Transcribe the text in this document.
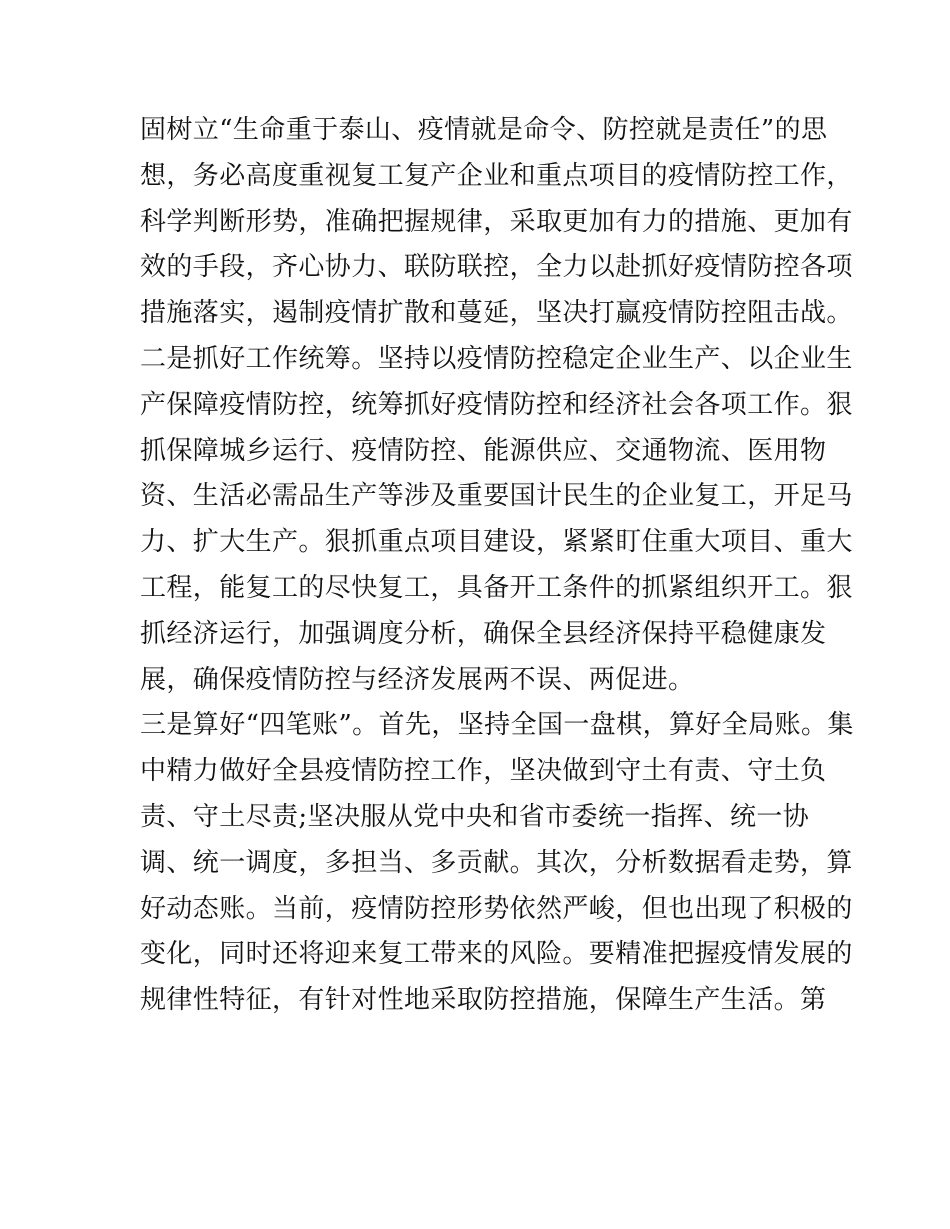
固树立“生命重于泰山、疫情就是命令、防控就是责任”的思
想，务必高度重视复工复产企业和重点项目的疫情防控工作，
科学判断形势，准确把握规律，采取更加有力的措施、更加有
效的手段，齐心协力、联防联控，全力以赴抓好疫情防控各项
措施落实，遏制疫情扩散和蔓延，坚决打赢疫情防控阻击战。
二是抓好工作统筹。坚持以疫情防控稳定企业生产、以企业生
产保障疫情防控，统筹抓好疫情防控和经济社会各项工作。狠
抓保障城乡运行、疫情防控、能源供应、交通物流、医用物
资、生活必需品生产等涉及重要国计民生的企业复工，开足马
力、扩大生产。狠抓重点项目建设，紧紧盯住重大项目、重大
工程，能复工的尽快复工，具备开工条件的抓紧组织开工。狠
抓经济运行，加强调度分析，确保全县经济保持平稳健康发
展，确保疫情防控与经济发展两不误、两促进。
三是算好“四笔账”。首先，坚持全国一盘棋，算好全局账。集
中精力做好全县疫情防控工作，坚决做到守土有责、守土负
责、守土尽责;坚决服从党中央和省市委统一指挥、统一协
调、统一调度，多担当、多贡献。其次，分析数据看走势，算
好动态账。当前，疫情防控形势依然严峻，但也出现了积极的
变化，同时还将迎来复工带来的风险。要精准把握疫情发展的
规律性特征，有针对性地采取防控措施，保障生产生活。第
